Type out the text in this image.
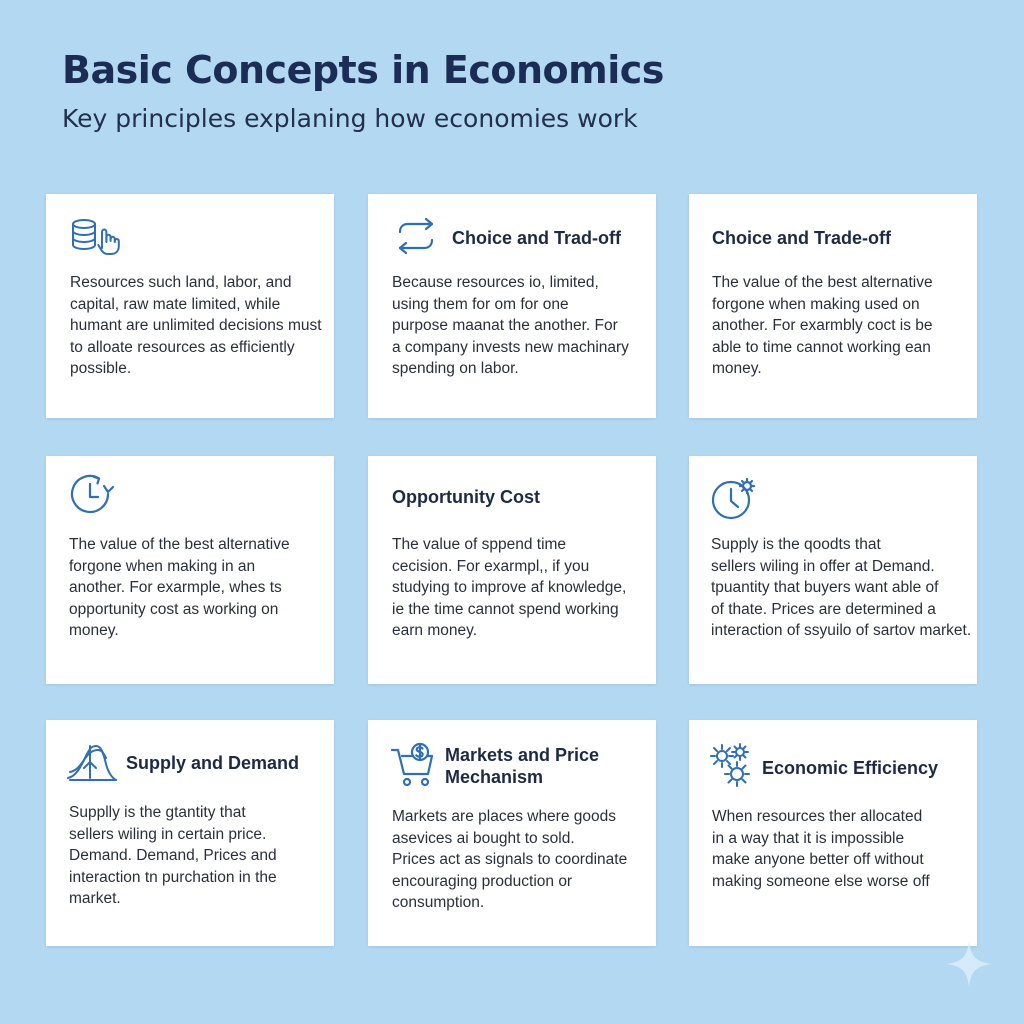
Basic Concepts in Economics
Key principles explaning how economies work
Resources such land, labor, and
capital, raw mate limited, while
humant are unlimited decisions must
to alloate resources as efficiently
possible.
Choice and Trad-off
Because resources io, limited,
using them for om for one
purpose maanat the another. For
a company invests new machinary
spending on labor.
Choice and Trade-off
The value of the best alternative
forgone when making used on
another. For exarmbly coct is be
able to time cannot working ean
money.
The value of the best alternative
forgone when making in an
another. For exarmple, whes ts
opportunity cost as working on
money.
Opportunity Cost
The value of sppend time
cecision. For exarmpl,, if you
studying to improve af knowledge,
ie the time cannot spend working
earn money.
Supply is the qoodts that
sellers wiling in offer at Demand.
tpuantity that buyers want able of
of thate. Prices are determined a
interaction of ssyuilo of sartov market.
Supply and Demand
Supplly is the gtantity that
sellers wiling in certain price.
Demand. Demand, Prices and
interaction tn purchation in the
market.
Markets and Price Mechanism
Markets are places where goods
asevices ai bought to sold.
Prices act as signals to coordinate
encouraging production or
consumption.
Economic Efficiency
When resources ther allocated
in a way that it is impossible
make anyone better off without
making someone else worse off
